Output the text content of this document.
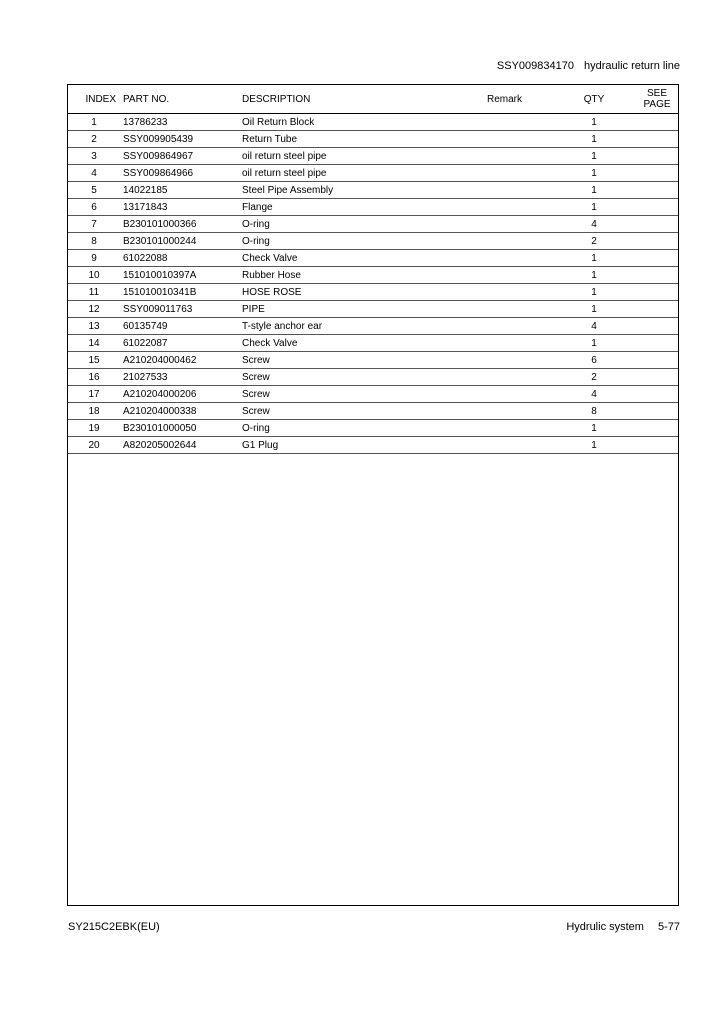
SSY009834170 hydraulic return line
INDEX	PART NO.	DESCRIPTION	Remark	QTY	SEE
PAGE
1	13786233	Oil Return Block		1	
2	SSY009905439	Return Tube		1	
3	SSY009864967	oil return steel pipe		1	
4	SSY009864966	oil return steel pipe		1	
5	14022185	Steel Pipe Assembly		1	
6	13171843	Flange		1	
7	B230101000366	O-ring		4	
8	B230101000244	O-ring		2	
9	61022088	Check Valve		1	
10	151010010397A	Rubber Hose		1	
11	151010010341B	HOSE ROSE		1	
12	SSY009011763	PIPE		1	
13	60135749	T-style anchor ear		4	
14	61022087	Check Valve		1	
15	A210204000462	Screw		6	
16	21027533	Screw		2	
17	A210204000206	Screw		4	
18	A210204000338	Screw		8	
19	B230101000050	O-ring		1	
20	A820205002644	G1 Plug		1	
SY215C2EBK(EU)	Hydrulic system 5-77
